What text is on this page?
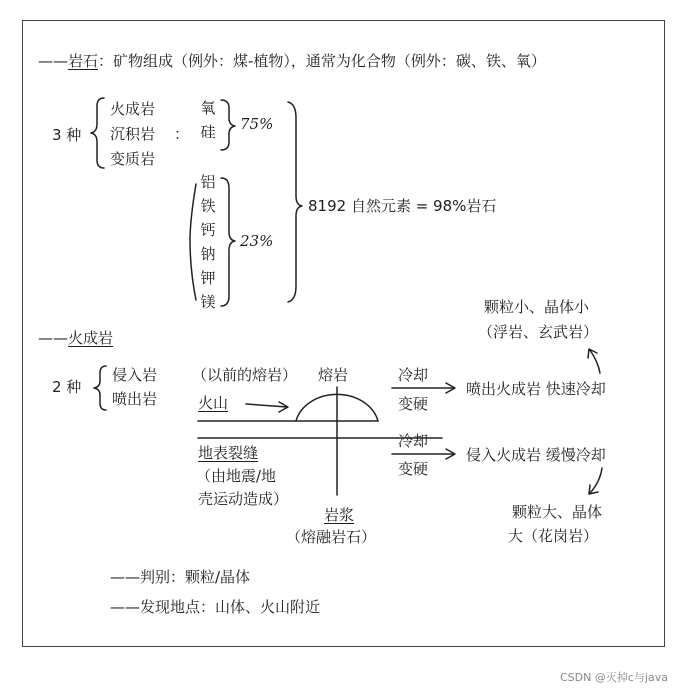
——岩石：矿物组成（例外：煤-植物），通常为化合物（例外：碳、铁、氧）
3 种
火成岩
沉积岩
变质岩
：
氧
硅 75%
铝
铁
钙
钠
钾
镁
23%
8192 自然元素 = 98%岩石
——火成岩
2 种
侵入岩
喷出岩
（以前的熔岩） 熔岩
火山
地表裂缝
（由地震/地
壳运动造成）
岩浆
（熔融岩石）
冷却
变硬
喷出火成岩 快速冷却
颗粒小、晶体小
（浮岩、玄武岩）
冷却
变硬
侵入火成岩 缓慢冷却
颗粒大、晶体
大（花岗岩）
——判别：颗粒/晶体
——发现地点：山体、火山附近
CSDN @灭掉c与java
